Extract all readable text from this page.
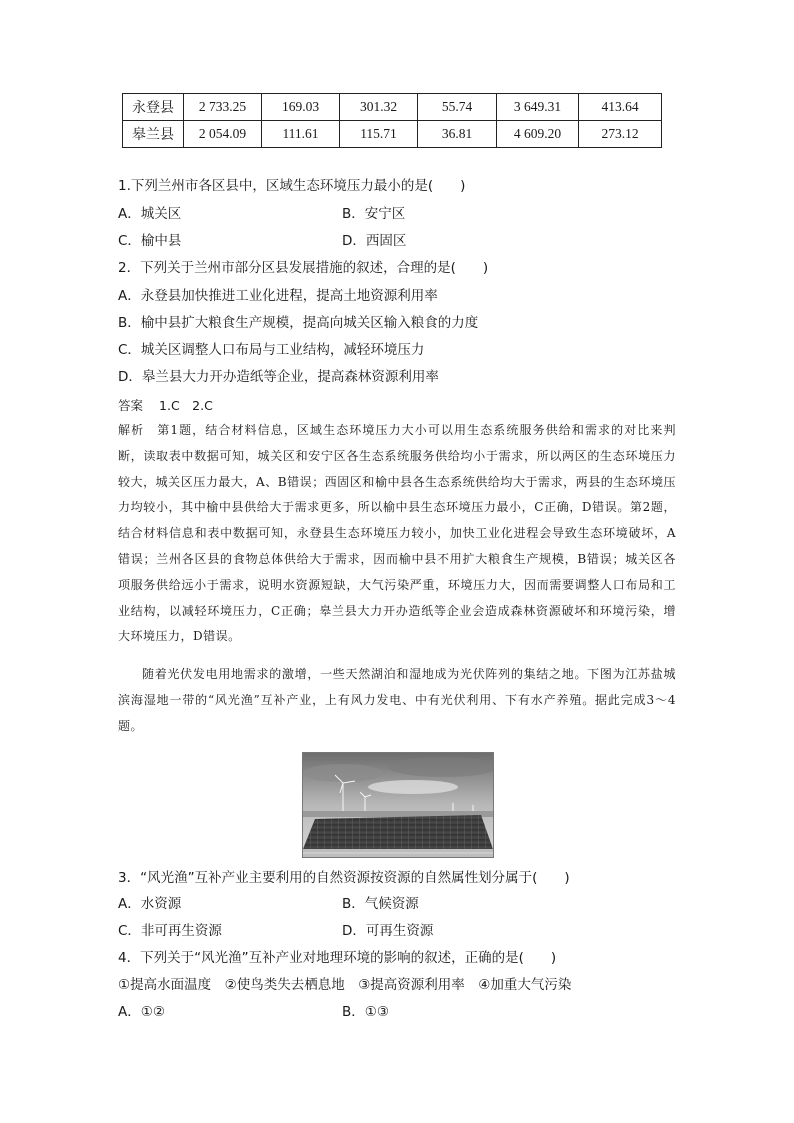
永登县	2 733.25	169.03	301.32	55.74	3 649.31	413.64
皋兰县	2 054.09	111.61	115.71	36.81	4 609.20	273.12
1.下列兰州市各区县中，区域生态环境压力最小的是(　　)
A．城关区	B．安宁区
C．榆中县	D．西固区
2．下列关于兰州市部分区县发展措施的叙述，合理的是(　　)
A．永登县加快推进工业化进程，提高土地资源利用率
B．榆中县扩大粮食生产规模，提高向城关区输入粮食的力度
C．城关区调整人口布局与工业结构，减轻环境压力
D．皋兰县大力开办造纸等企业，提高森林资源利用率
答案 1.C　2.C
解析　第1题，结合材料信息，区域生态环境压力大小可以用生态系统服务供给和需求的对比来判断，读取表中数据可知，城关区和安宁区各生态系统服务供给均小于需求，所以两区的生态环境压力较大，城关区压力最大，A、B错误；西固区和榆中县各生态系统供给均大于需求，两县的生态环境压力均较小，其中榆中县供给大于需求更多，所以榆中县生态环境压力最小，C正确，D错误。第2题，结合材料信息和表中数据可知，永登县生态环境压力较小，加快工业化进程会导致生态环境破坏，A错误；兰州各区县的食物总体供给大于需求，因而榆中县不用扩大粮食生产规模，B错误；城关区各项服务供给远小于需求，说明水资源短缺，大气污染严重，环境压力大，因而需要调整人口布局和工业结构，以减轻环境压力，C正确；皋兰县大力开办造纸等企业会造成森林资源破坏和环境污染，增大环境压力，D错误。
随着光伏发电用地需求的激增，一些天然湖泊和湿地成为光伏阵列的集结之地。下图为江苏盐城滨海湿地一带的“风光渔”互补产业，上有风力发电、中有光伏利用、下有水产养殖。据此完成3～4题。
3．“风光渔”互补产业主要利用的自然资源按资源的自然属性划分属于(　　)
A．水资源	B．气候资源
C．非可再生资源	D．可再生资源
4．下列关于“风光渔”互补产业对地理环境的影响的叙述，正确的是(　　)
①提高水面温度　②使鸟类失去栖息地　③提高资源利用率　④加重大气污染
A．①②	B．①③
